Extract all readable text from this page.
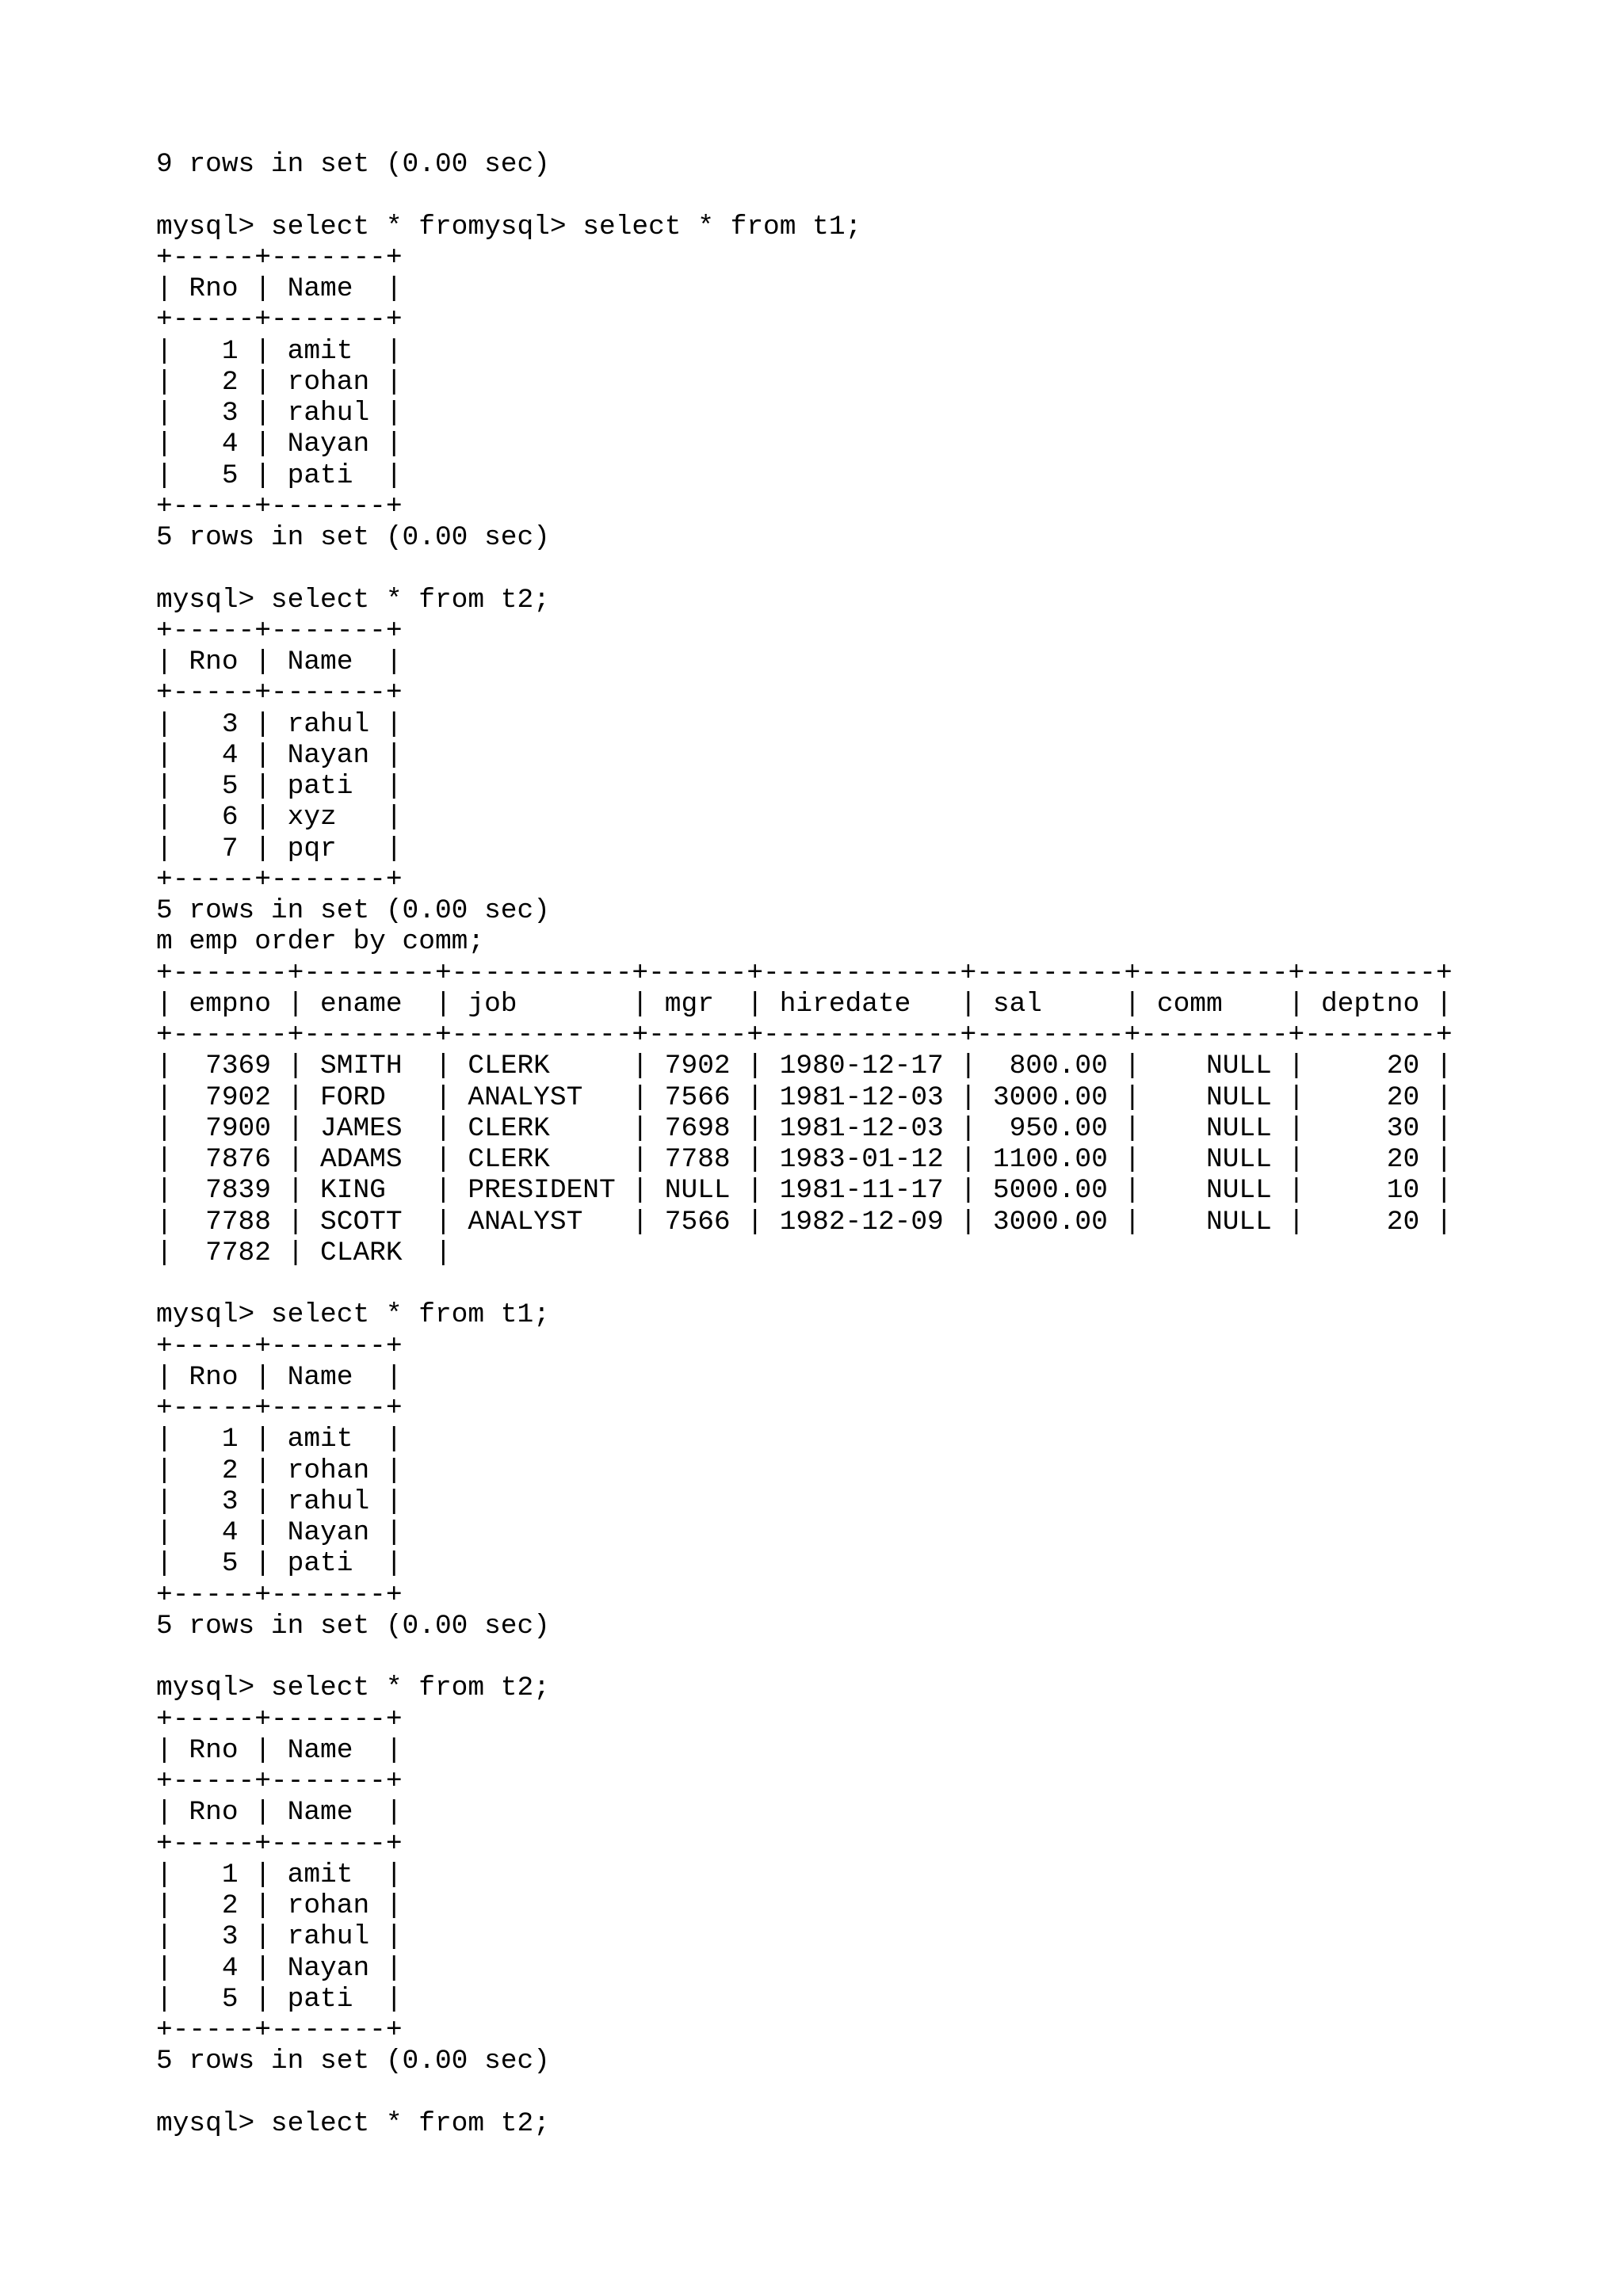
9 rows in set (0.00 sec)
mysql> select * fromysql> select * from t1;
+-----+-------+
| Rno | Name  |
+-----+-------+
|   1 | amit  |
|   2 | rohan |
|   3 | rahul |
|   4 | Nayan |
|   5 | pati  |
+-----+-------+
5 rows in set (0.00 sec)
mysql> select * from t2;
+-----+-------+
| Rno | Name  |
+-----+-------+
|   3 | rahul |
|   4 | Nayan |
|   5 | pati  |
|   6 | xyz   |
|   7 | pqr   |
+-----+-------+
5 rows in set (0.00 sec)
m emp order by comm;
+-------+--------+-----------+------+------------+---------+---------+--------+
| empno | ename  | job       | mgr  | hiredate   | sal     | comm    | deptno |
+-------+--------+-----------+------+------------+---------+---------+--------+
|  7369 | SMITH  | CLERK     | 7902 | 1980-12-17 |  800.00 |    NULL |     20 |
|  7902 | FORD   | ANALYST   | 7566 | 1981-12-03 | 3000.00 |    NULL |     20 |
|  7900 | JAMES  | CLERK     | 7698 | 1981-12-03 |  950.00 |    NULL |     30 |
|  7876 | ADAMS  | CLERK     | 7788 | 1983-01-12 | 1100.00 |    NULL |     20 |
|  7839 | KING   | PRESIDENT | NULL | 1981-11-17 | 5000.00 |    NULL |     10 |
|  7788 | SCOTT  | ANALYST   | 7566 | 1982-12-09 | 3000.00 |    NULL |     20 |
|  7782 | CLARK  |
mysql> select * from t1;
+-----+-------+
| Rno | Name  |
+-----+-------+
|   1 | amit  |
|   2 | rohan |
|   3 | rahul |
|   4 | Nayan |
|   5 | pati  |
+-----+-------+
5 rows in set (0.00 sec)
mysql> select * from t2;
+-----+-------+
| Rno | Name  |
+-----+-------+
| Rno | Name  |
+-----+-------+
|   1 | amit  |
|   2 | rohan |
|   3 | rahul |
|   4 | Nayan |
|   5 | pati  |
+-----+-------+
5 rows in set (0.00 sec)
mysql> select * from t2;
